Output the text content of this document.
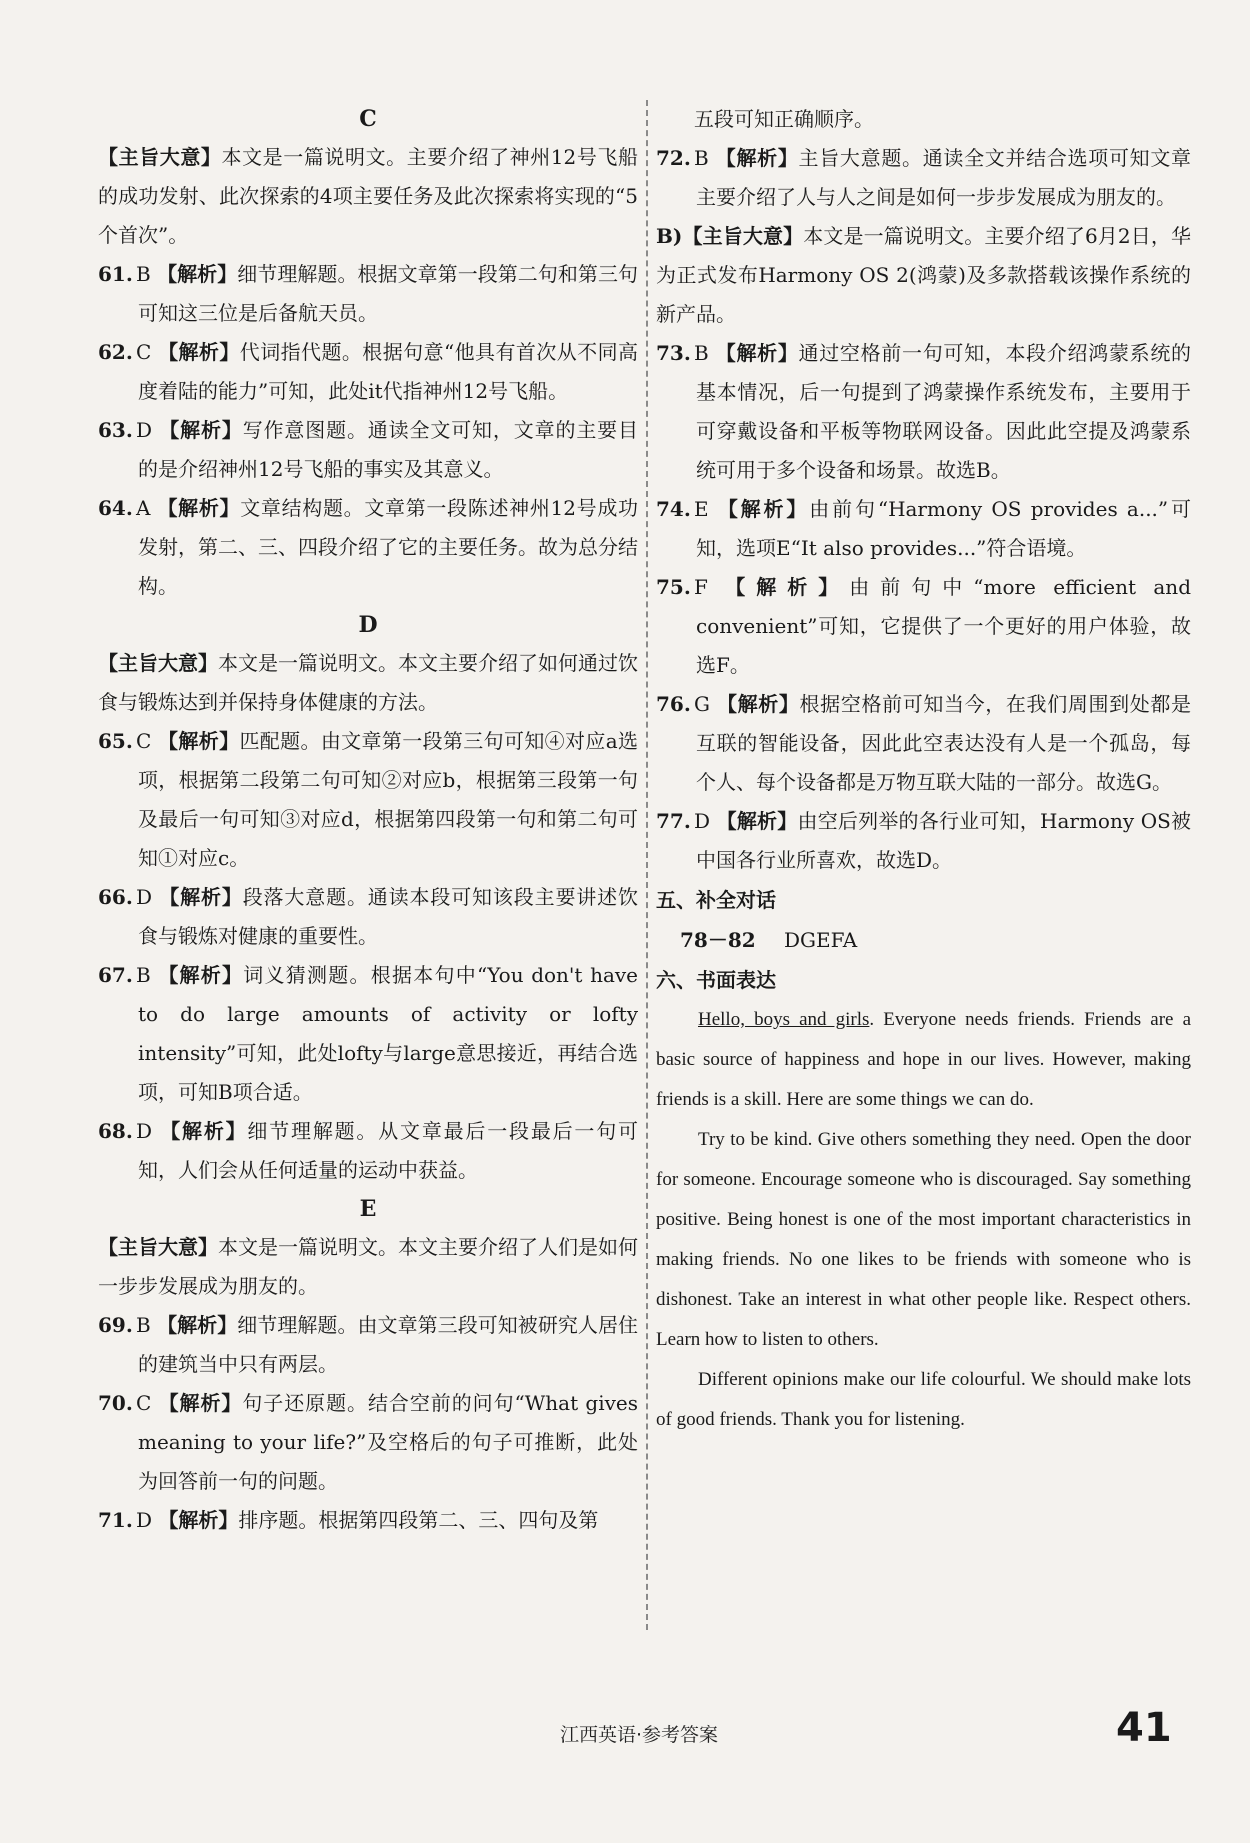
C

【主旨大意】本文是一篇说明文。主要介绍了神州12号飞船的成功发射、此次探索的4项主要任务及此次探索将实现的“5个首次”。

61. B 【解析】细节理解题。根据文章第一段第二句和第三句可知这三位是后备航天员。

62. C 【解析】代词指代题。根据句意“他具有首次从不同高度着陆的能力”可知，此处it代指神州12号飞船。

63. D 【解析】写作意图题。通读全文可知，文章的主要目的是介绍神州12号飞船的事实及其意义。

64. A 【解析】文章结构题。文章第一段陈述神州12号成功发射，第二、三、四段介绍了它的主要任务。故为总分结构。

D

【主旨大意】本文是一篇说明文。本文主要介绍了如何通过饮食与锻炼达到并保持身体健康的方法。

65. C 【解析】匹配题。由文章第一段第三句可知④对应a选项，根据第二段第二句可知②对应b，根据第三段第一句及最后一句可知③对应d，根据第四段第一句和第二句可知①对应c。

66. D 【解析】段落大意题。通读本段可知该段主要讲述饮食与锻炼对健康的重要性。

67. B 【解析】词义猜测题。根据本句中“You don't have to do large amounts of activity or lofty intensity”可知，此处lofty与large意思接近，再结合选项，可知B项合适。

68. D 【解析】细节理解题。从文章最后一段最后一句可知，人们会从任何适量的运动中获益。

E

【主旨大意】本文是一篇说明文。本文主要介绍了人们是如何一步步发展成为朋友的。

69. B 【解析】细节理解题。由文章第三段可知被研究人居住的建筑当中只有两层。

70. C 【解析】句子还原题。结合空前的问句“What gives meaning to your life?”及空格后的句子可推断，此处为回答前一句的问题。

71. D 【解析】排序题。根据第四段第二、三、四句及第

五段可知正确顺序。

72. B 【解析】主旨大意题。通读全文并结合选项可知文章主要介绍了人与人之间是如何一步步发展成为朋友的。

B)【主旨大意】本文是一篇说明文。主要介绍了6月2日，华为正式发布Harmony OS 2(鸿蒙)及多款搭载该操作系统的新产品。

73. B 【解析】通过空格前一句可知，本段介绍鸿蒙系统的基本情况，后一句提到了鸿蒙操作系统发布，主要用于可穿戴设备和平板等物联网设备。因此此空提及鸿蒙系统可用于多个设备和场景。故选B。

74. E 【解析】由前句“Harmony OS provides a...”可知，选项E“It also provides...”符合语境。

75. F 【解析】由前句中“more efficient and convenient”可知，它提供了一个更好的用户体验，故选F。

76. G 【解析】根据空格前可知当今，在我们周围到处都是互联的智能设备，因此此空表达没有人是一个孤岛，每个人、每个设备都是万物互联大陆的一部分。故选G。

77. D 【解析】由空后列举的各行业可知，Harmony OS被中国各行业所喜欢，故选D。

五、补全对话

78－82 DGEFA

六、书面表达

Hello, boys and girls. Everyone needs friends. Friends are a basic source of happiness and hope in our lives. However, making friends is a skill. Here are some things we can do.

Try to be kind. Give others something they need. Open the door for someone. Encourage someone who is discouraged. Say something positive. Being honest is one of the most important characteristics in making friends. No one likes to be friends with someone who is dishonest. Take an interest in what other people like. Respect others. Learn how to listen to others.

Different opinions make our life colourful. We should make lots of good friends. Thank you for listening.

江西英语·参考答案	41
